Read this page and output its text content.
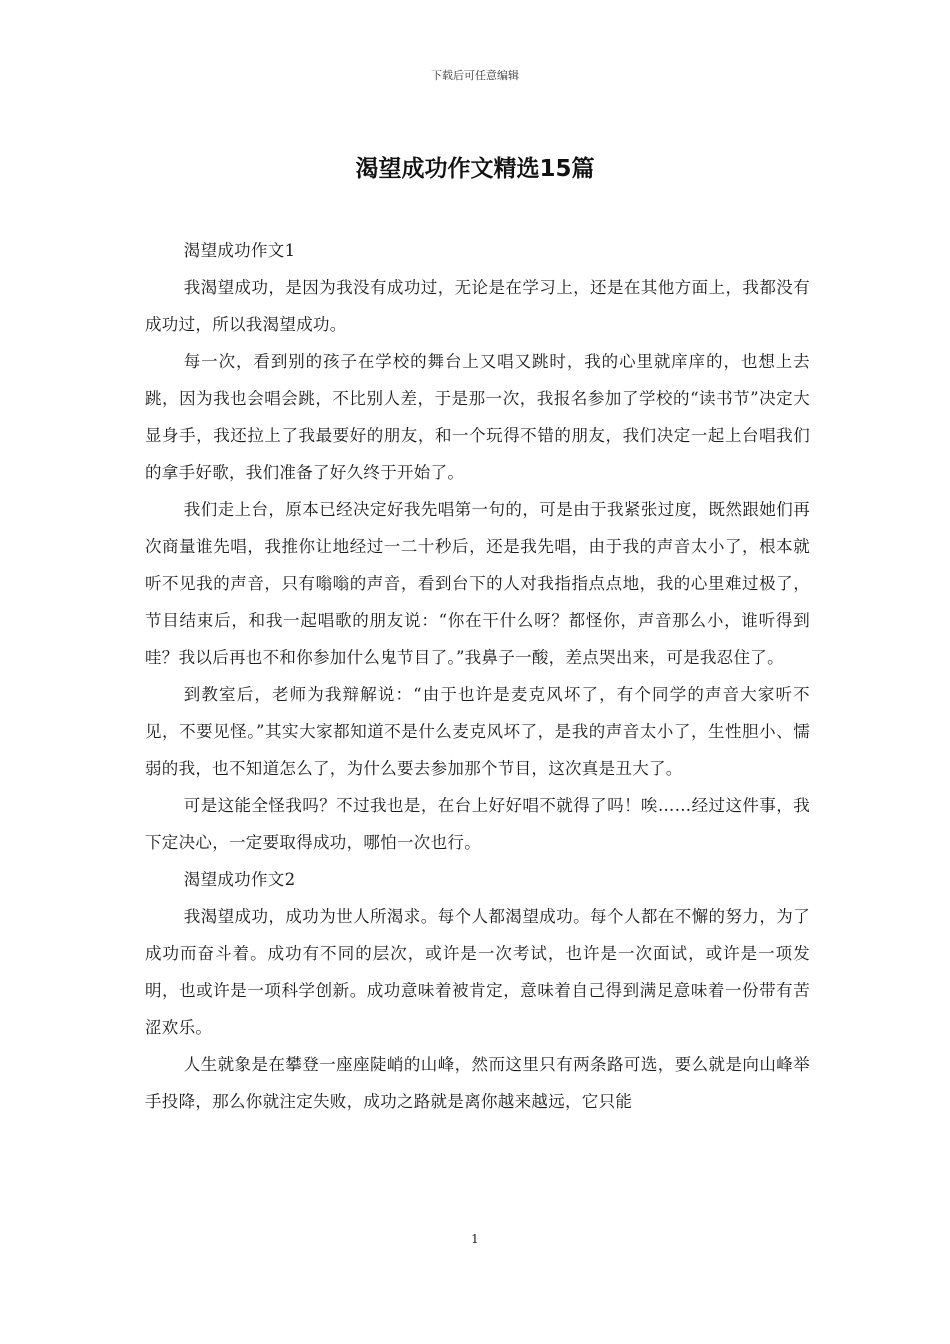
下载后可任意编辑
渴望成功作文精选15篇

渴望成功作文1

我渴望成功，是因为我没有成功过，无论是在学习上，还是在其他方面上，我都没有成功过，所以我渴望成功。

每一次，看到别的孩子在学校的舞台上又唱又跳时，我的心里就庠庠的，也想上去跳，因为我也会唱会跳，不比别人差，于是那一次，我报名参加了学校的“读书节”决定大显身手，我还拉上了我最要好的朋友，和一个玩得不错的朋友，我们决定一起上台唱我们的拿手好歌，我们准备了好久终于开始了。

我们走上台，原本已经决定好我先唱第一句的，可是由于我紧张过度，既然跟她们再次商量谁先唱，我推你让地经过一二十秒后，还是我先唱，由于我的声音太小了，根本就听不见我的声音，只有嗡嗡的声音，看到台下的人对我指指点点地，我的心里难过极了，节目结束后，和我一起唱歌的朋友说：“你在干什么呀？都怪你，声音那么小，谁听得到哇？我以后再也不和你参加什么鬼节目了。”我鼻子一酸，差点哭出来，可是我忍住了。

到教室后，老师为我辩解说：“由于也许是麦克风坏了，有个同学的声音大家听不见，不要见怪。”其实大家都知道不是什么麦克风坏了，是我的声音太小了，生性胆小、懦弱的我，也不知道怎么了，为什么要去参加那个节目，这次真是丑大了。

可是这能全怪我吗？不过我也是，在台上好好唱不就得了吗！唉……经过这件事，我下定决心，一定要取得成功，哪怕一次也行。

渴望成功作文2

我渴望成功，成功为世人所渴求。每个人都渴望成功。每个人都在不懈的努力，为了成功而奋斗着。成功有不同的层次，或许是一次考试，也许是一次面试，或许是一项发明，也或许是一项科学创新。成功意味着被肯定，意味着自己得到满足意味着一份带有苦涩欢乐。

人生就象是在攀登一座座陡峭的山峰，然而这里只有两条路可选，要么就是向山峰举手投降，那么你就注定失败，成功之路就是离你越来越远，它只能

1
